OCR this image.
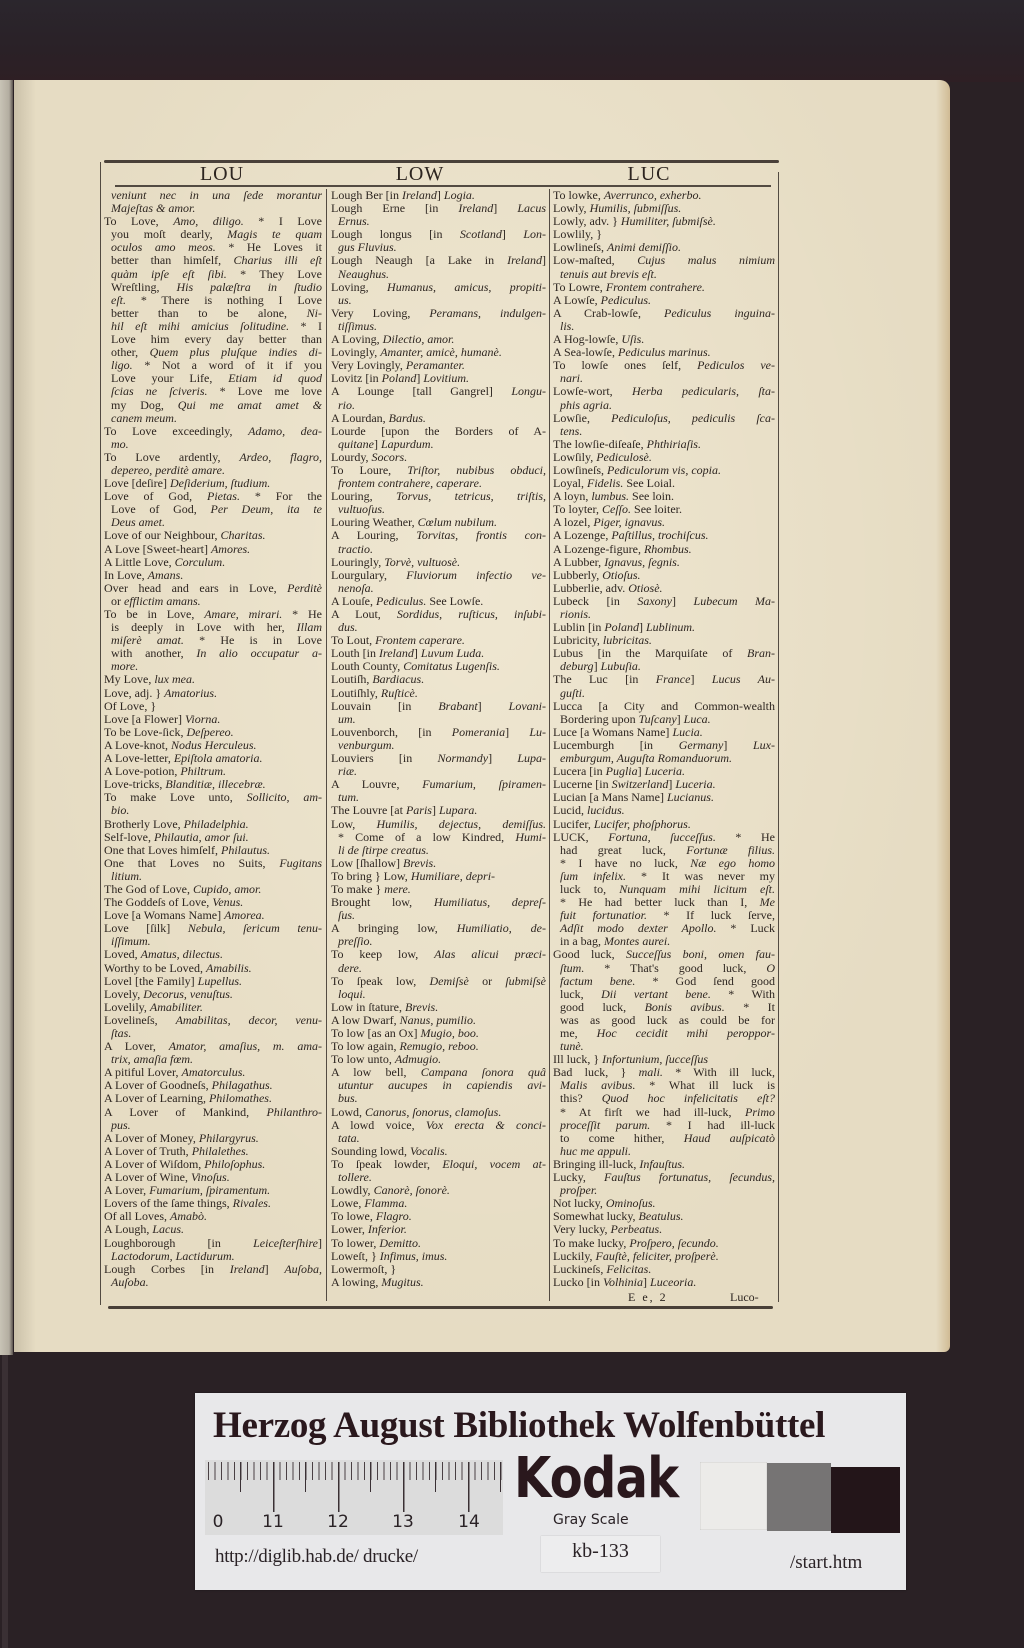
LOU	LOW	LUC
veniunt nec in una ſede morantur
Majeſtas & amor.
To Love, Amo, diligo. * I Love
you moſt dearly, Magis te quam
oculos amo meos. * He Loves it
better than himſelf, Charius illi eſt
quàm ipſe eſt ſibi. * They Love
Wreſtling, His palæſtra in ſtudio
eſt. * There is nothing I Love
better than to be alone, Ni-
hil eſt mihi amicius ſolitudine. * I
Love him every day better than
other, Quem plus pluſque indies di-
ligo. * Not a word of it if you
Love your Life, Etiam id quod
ſcias ne ſciveris. * Love me love
my Dog, Qui me amat amet &
canem meum.
To Love exceedingly, Adamo, dea-
mo.
To Love ardently, Ardeo, flagro,
depereo, perditè amare.
Love [deſire] Deſiderium, ſtudium.
Love of God, Pietas. * For the
Love of God, Per Deum, ita te
Deus amet.
Love of our Neighbour, Charitas.
A Love [Sweet-heart] Amores.
A Little Love, Corculum.
In Love, Amans.
Over head and ears in Love, Perditè
or efflictim amans.
To be in Love, Amare, mirari. * He
is deeply in Love with her, Illam
miſerè amat. * He is in Love
with another, In alio occupatur a-
more.
My Love, lux mea.
Love, adj. } Amatorius.
Of Love, }
Love [a Flower] Viorna.
To be Love-ſick, Deſpereo.
A Love-knot, Nodus Herculeus.
A Love-letter, Epiſtola amatoria.
A Love-potion, Philtrum.
Love-tricks, Blanditiæ, illecebræ.
To make Love unto, Sollicito, am-
bio.
Brotherly Love, Philadelphia.
Self-love, Philautia, amor ſui.
One that Loves himſelf, Philautus.
One that Loves no Suits, Fugitans
litium.
The God of Love, Cupido, amor.
The Goddeſs of Love, Venus.
Love [a Womans Name] Amorea.
Love [ſilk] Nebula, ſericum tenu-
iſſimum.
Loved, Amatus, dilectus.
Worthy to be Loved, Amabilis.
Lovel [the Family] Lupellus.
Lovely, Decorus, venuſtus.
Lovelily, Amabiliter.
Lovelineſs, Amabilitas, decor, venu-
ſtas.
A Lover, Amator, amaſius, m. ama-
trix, amaſia fœm.
A pitiful Lover, Amatorculus.
A Lover of Goodneſs, Philagathus.
A Lover of Learning, Philomathes.
A Lover of Mankind, Philanthro-
pus.
A Lover of Money, Philargyrus.
A Lover of Truth, Philalethes.
A Lover of Wiſdom, Philoſophus.
A Lover of Wine, Vinoſus.
A Lover, Fumarium, ſpiramentum.
Lovers of the ſame things, Rivales.
Of all Loves, Amabò.
A Lough, Lacus.
Loughborough [in Leiceſterſhire]
Lactodorum, Lactidurum.
Lough Corbes [in Ireland] Auſoba,
Auſoba.
Lough Ber [in Ireland] Logia.
Lough Erne [in Ireland] Lacus
Ernus.
Lough longus [in Scotland] Lon-
gus Fluvius.
Lough Neaugh [a Lake in Ireland]
Neaughus.
Loving, Humanus, amicus, propiti-
us.
Very Loving, Peramans, indulgen-
tiſſimus.
A Loving, Dilectio, amor.
Lovingly, Amanter, amicè, humanè.
Very Lovingly, Peramanter.
Lovitz [in Poland] Lovitium.
A Lounge [tall Gangrel] Longu-
rio.
A Lourdan, Bardus.
Lourde [upon the Borders of A-
quitane] Lapurdum.
Lourdy, Socors.
To Loure, Triſtor, nubibus obduci,
frontem contrahere, caperare.
Louring, Torvus, tetricus, triſtis,
vultuoſus.
Louring Weather, Cœlum nubilum.
A Louring, Torvitas, frontis con-
tractio.
Louringly, Torvè, vultuosè.
Lourgulary, Fluviorum infectio ve-
nenoſa.
A Louſe, Pediculus. See Lowſe.
A Lout, Sordidus, ruſticus, inſubi-
dus.
To Lout, Frontem caperare.
Louth [in Ireland] Luvum Luda.
Louth County, Comitatus Lugenſis.
Loutiſh, Bardiacus.
Loutiſhly, Ruſticè.
Louvain [in Brabant] Lovani-
um.
Louvenborch, [in Pomerania] Lu-
venburgum.
Louviers [in Normandy] Lupa-
riæ.
A Louvre, Fumarium, ſpiramen-
tum.
The Louvre [at Paris] Lupara.
Low, Humilis, dejectus, demiſſus.
* Come of a low Kindred, Humi-
li de ſtirpe creatus.
Low [ſhallow] Brevis.
To bring } Low, Humiliare, depri-
To make } mere.
Brought low, Humiliatus, depreſ-
ſus.
A bringing low, Humiliatio, de-
preſſio.
To keep low, Alas alicui præci-
dere.
To ſpeak low, Demiſsè or ſubmiſsè
loqui.
Low in ſtature, Brevis.
A low Dwarf, Nanus, pumilio.
To low [as an Ox] Mugio, boo.
To low again, Remugio, reboo.
To low unto, Admugio.
A low bell, Campana ſonora quâ
utuntur aucupes in capiendis avi-
bus.
Lowd, Canorus, ſonorus, clamoſus.
A lowd voice, Vox erecta & conci-
tata.
Sounding lowd, Vocalis.
To ſpeak lowder, Eloqui, vocem at-
tollere.
Lowdly, Canorè, ſonorè.
Lowe, Flamma.
To lowe, Flagro.
Lower, Inferior.
To lower, Demitto.
Loweſt, } Infimus, imus.
Lowermoſt, }
A lowing, Mugitus.
To lowke, Averrunco, exherbo.
Lowly, Humilis, ſubmiſſus.
Lowly, adv. } Humiliter, ſubmiſsè.
Lowlily, }
Lowlineſs, Animi demiſſio.
Low-maſted, Cujus malus nimium
tenuis aut brevis eſt.
To Lowre, Frontem contrahere.
A Lowſe, Pediculus.
A Crab-lowſe, Pediculus inguina-
lis.
A Hog-lowſe, Uſis.
A Sea-lowſe, Pediculus marinus.
To lowſe ones ſelf, Pediculos ve-
nari.
Lowſe-wort, Herba pedicularis, ſta-
phis agria.
Lowſie, Pediculoſus, pediculis ſca-
tens.
The lowſie-diſeaſe, Phthiriaſis.
Lowſily, Pediculosè.
Lowſineſs, Pediculorum vis, copia.
Loyal, Fidelis. See Loial.
A loyn, lumbus. See loin.
To loyter, Ceſſo. See loiter.
A lozel, Piger, ignavus.
A Lozenge, Paſtillus, trochiſcus.
A Lozenge-figure, Rhombus.
A Lubber, Ignavus, ſegnis.
Lubberly, Otioſus.
Lubberlie, adv. Otiosè.
Lubeck [in Saxony] Lubecum Ma-
rionis.
Lublin [in Poland] Lublinum.
Lubricity, lubricitas.
Lubus [in the Marquiſate of Bran-
deburg] Lubuſia.
The Luc [in France] Lucus Au-
guſti.
Lucca [a City and Common-wealth
Bordering upon Tuſcany] Luca.
Luce [a Womans Name] Lucia.
Lucemburgh [in Germany] Lux-
emburgum, Auguſta Romanduorum.
Lucera [in Puglia] Luceria.
Lucerne [in Switzerland] Luceria.
Lucian [a Mans Name] Lucianus.
Lucid, lucidus.
Lucifer, Lucifer, phoſphorus.
LUCK, Fortuna, ſucceſſus. * He
had great luck, Fortunæ filius.
* I have no luck, Næ ego homo
ſum infelix. * It was never my
luck to, Nunquam mihi licitum eſt.
* He had better luck than I, Me
fuit fortunatior. * If luck ſerve,
Adſit modo dexter Apollo. * Luck
in a bag, Montes aurei.
Good luck, Succeſſus boni, omen fau-
ſtum. * That's good luck, O
factum bene. * God ſend good
luck, Dii vertant bene. * With
good luck, Bonis avibus. * It
was as good luck as could be for
me, Hoc cecidit mihi peroppor-
tunè.
Ill luck, } Infortunium, ſucceſſus
Bad luck, } mali. * With ill luck,
Malis avibus. * What ill luck is
this? Quod hoc infelicitatis eſt?
* At firſt we had ill-luck, Primo
proceſſit parum. * I had ill-luck
to come hither, Haud auſpicatò
huc me appuli.
Bringing ill-luck, Infauſtus.
Lucky, Fauſtus fortunatus, ſecundus,
proſper.
Not lucky, Ominoſus.
Somewhat lucky, Beatulus.
Very lucky, Perbeatus.
To make lucky, Proſpero, ſecundo.
Luckily, Fauſtè, feliciter, proſperè.
Luckineſs, Felicitas.
Lucko [in Volhinia] Luceoria.
E e, 2	Luco-
Herzog August Bibliothek Wolfenbüttel
0	11	12	13	14
Kodak
Gray Scale
http://diglib.hab.de/ drucke/	kb-133
/start.htm
